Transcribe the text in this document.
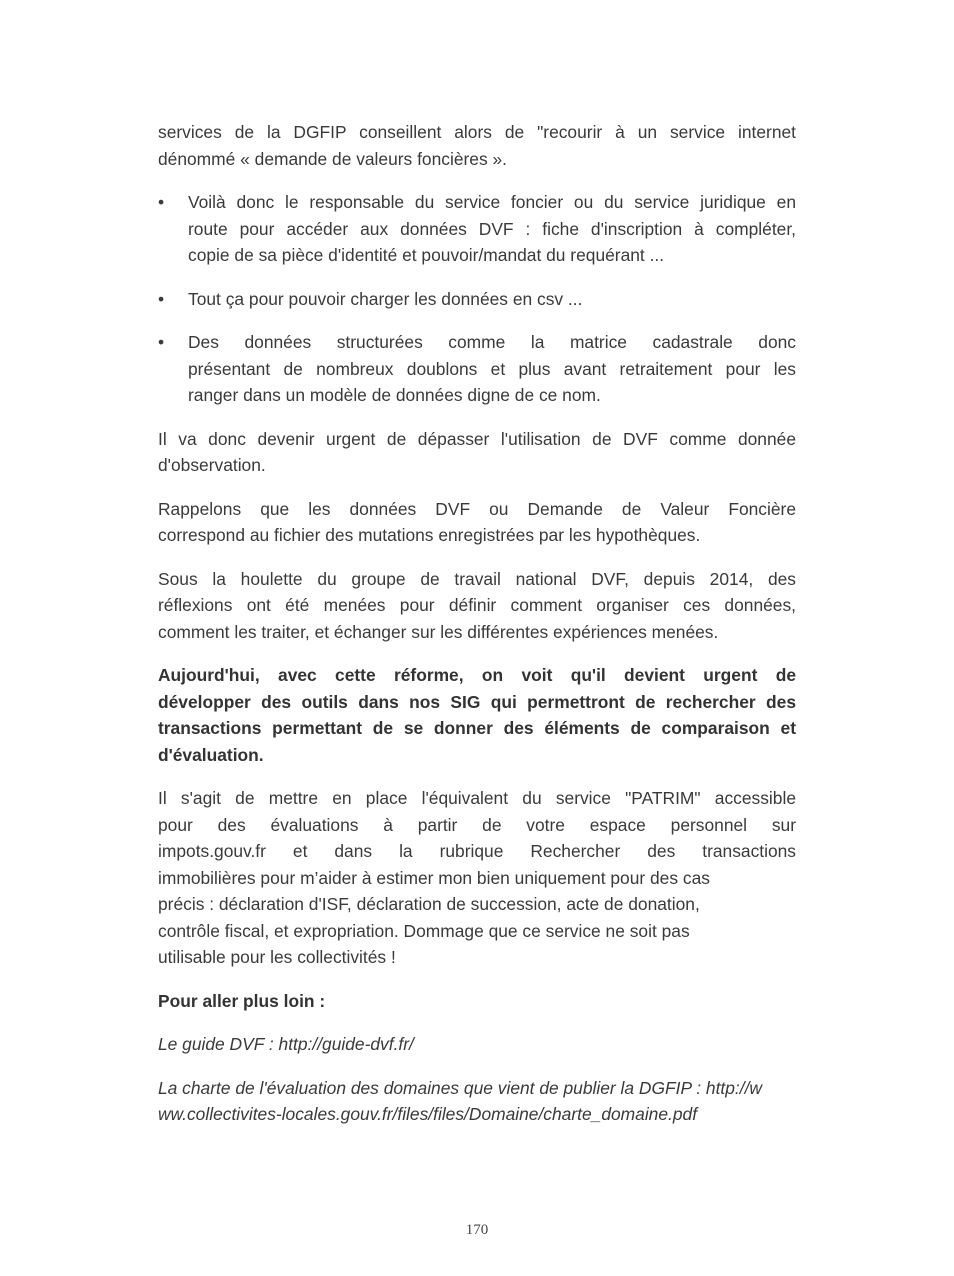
services de la DGFIP conseillent alors de "recourir à un service internet
dénommé « demande de valeurs foncières ».
• Voilà donc le responsable du service foncier ou du service juridique en
route pour accéder aux données DVF : fiche d'inscription à compléter,
copie de sa pièce d'identité et pouvoir/mandat du requérant ...
• Tout ça pour pouvoir charger les données en csv ...
• Des données structurées comme la matrice cadastrale donc
présentant de nombreux doublons et plus avant retraitement pour les
ranger dans un modèle de données digne de ce nom.
Il va donc devenir urgent de dépasser l'utilisation de DVF comme donnée
d'observation.
Rappelons que les données DVF ou Demande de Valeur Foncière
correspond au fichier des mutations enregistrées par les hypothèques.
Sous la houlette du groupe de travail national DVF, depuis 2014, des
réflexions ont été menées pour définir comment organiser ces données,
comment les traiter, et échanger sur les différentes expériences menées.
Aujourd'hui, avec cette réforme, on voit qu'il devient urgent de
développer des outils dans nos SIG qui permettront de rechercher des
transactions permettant de se donner des éléments de comparaison et
d'évaluation.
Il s'agit de mettre en place l'équivalent du service "PATRIM" accessible
pour des évaluations à partir de votre espace personnel sur
impots.gouv.fr et dans la rubrique Rechercher des transactions
immobilières pour m’aider à estimer mon bien uniquement pour des cas
précis : déclaration d'ISF, déclaration de succession, acte de donation,
contrôle fiscal, et expropriation. Dommage que ce service ne soit pas
utilisable pour les collectivités !
Pour aller plus loin :
Le guide DVF : http://guide-dvf.fr/
La charte de l'évaluation des domaines que vient de publier la DGFIP : http://w
ww.collectivites-locales.gouv.fr/files/files/Domaine/charte_domaine.pdf
170
